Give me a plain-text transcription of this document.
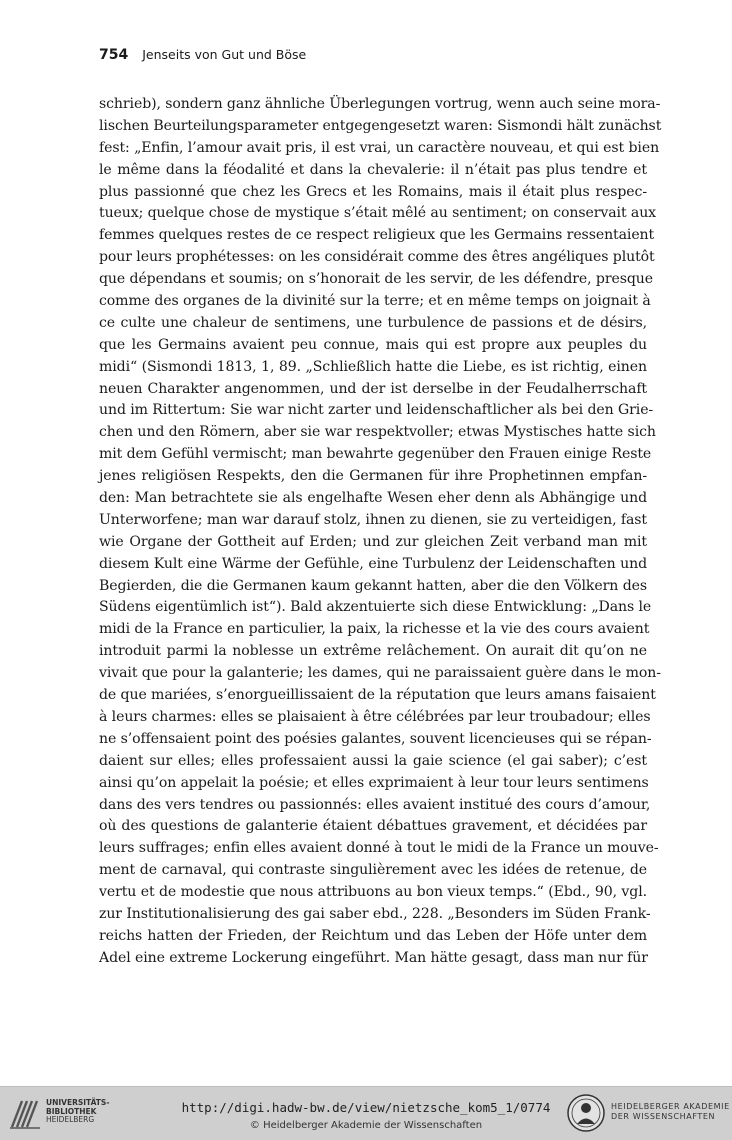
754 Jenseits von Gut und Böse
schrieb), sondern ganz ähnliche Überlegungen vortrug, wenn auch seine mora-
lischen Beurteilungsparameter entgegengesetzt waren: Sismondi hält zunächst
fest: „Enfin, l’amour avait pris, il est vrai, un caractère nouveau, et qui est bien
le même dans la féodalité et dans la chevalerie: il n’était pas plus tendre et
plus passionné que chez les Grecs et les Romains, mais il était plus respec-
tueux; quelque chose de mystique s’était mêlé au sentiment; on conservait aux
femmes quelques restes de ce respect religieux que les Germains ressentaient
pour leurs prophétesses: on les considérait comme des êtres angéliques plutôt
que dépendans et soumis; on s’honorait de les servir, de les défendre, presque
comme des organes de la divinité sur la terre; et en même temps on joignait à
ce culte une chaleur de sentimens, une turbulence de passions et de désirs,
que les Germains avaient peu connue, mais qui est propre aux peuples du
midi“ (Sismondi 1813, 1, 89. „Schließlich hatte die Liebe, es ist richtig, einen
neuen Charakter angenommen, und der ist derselbe in der Feudalherrschaft
und im Rittertum: Sie war nicht zarter und leidenschaftlicher als bei den Grie-
chen und den Römern, aber sie war respektvoller; etwas Mystisches hatte sich
mit dem Gefühl vermischt; man bewahrte gegenüber den Frauen einige Reste
jenes religiösen Respekts, den die Germanen für ihre Prophetinnen empfan-
den: Man betrachtete sie als engelhafte Wesen eher denn als Abhängige und
Unterworfene; man war darauf stolz, ihnen zu dienen, sie zu verteidigen, fast
wie Organe der Gottheit auf Erden; und zur gleichen Zeit verband man mit
diesem Kult eine Wärme der Gefühle, eine Turbulenz der Leidenschaften und
Begierden, die die Germanen kaum gekannt hatten, aber die den Völkern des
Südens eigentümlich ist“). Bald akzentuierte sich diese Entwicklung: „Dans le
midi de la France en particulier, la paix, la richesse et la vie des cours avaient
introduit parmi la noblesse un extrême relâchement. On aurait dit qu’on ne
vivait que pour la galanterie; les dames, qui ne paraissaient guère dans le mon-
de que mariées, s’enorgueillissaient de la réputation que leurs amans faisaient
à leurs charmes: elles se plaisaient à être célébrées par leur troubadour; elles
ne s’offensaient point des poésies galantes, souvent licencieuses qui se répan-
daient sur elles; elles professaient aussi la gaie science (el gai saber); c’est
ainsi qu’on appelait la poésie; et elles exprimaient à leur tour leurs sentimens
dans des vers tendres ou passionnés: elles avaient institué des cours d’amour,
où des questions de galanterie étaient débattues gravement, et décidées par
leurs suffrages; enfin elles avaient donné à tout le midi de la France un mouve-
ment de carnaval, qui contraste singulièrement avec les idées de retenue, de
vertu et de modestie que nous attribuons au bon vieux temps.“ (Ebd., 90, vgl.
zur Institutionalisierung des gai saber ebd., 228. „Besonders im Süden Frank-
reichs hatten der Frieden, der Reichtum und das Leben der Höfe unter dem
Adel eine extreme Lockerung eingeführt. Man hätte gesagt, dass man nur für
UNIVERSITÄTS-
BIBLIOTHEK
HEIDELBERG
http://digi.hadw-bw.de/view/nietzsche_kom5_1/0774
© Heidelberger Akademie der Wissenschaften
HEIDELBERGER AKADEMIE
DER WISSENSCHAFTEN
